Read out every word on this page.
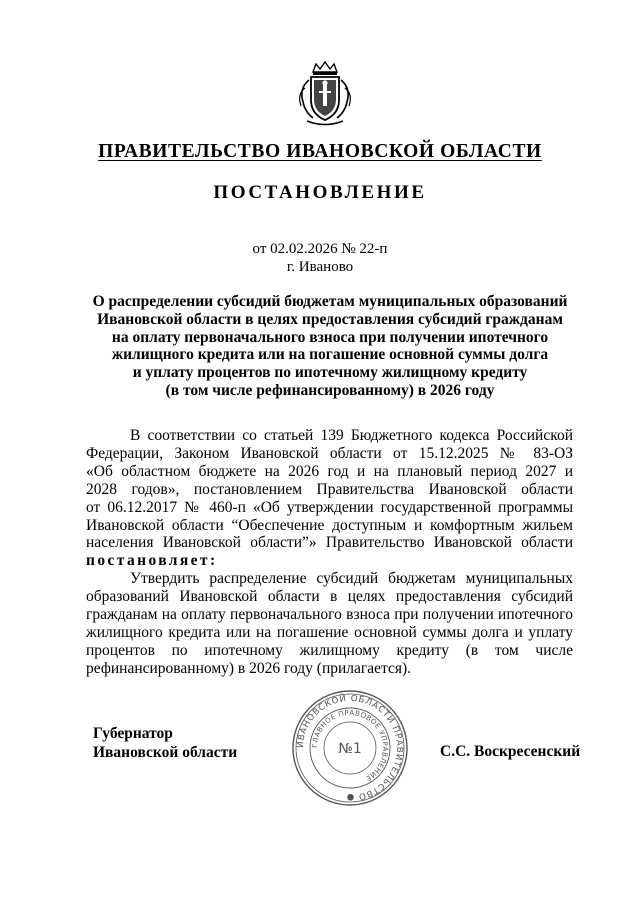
ПРАВИТЕЛЬСТВО ИВАНОВСКОЙ ОБЛАСТИ
ПОСТАНОВЛЕНИЕ
от 02.02.2026 № 22-п
г. Иваново
О распределении субсидий бюджетам муниципальных образований
Ивановской области в целях предоставления субсидий гражданам
на оплату первоначального взноса при получении ипотечного
жилищного кредита или на погашение основной суммы долга
и уплату процентов по ипотечному жилищному кредиту
(в том числе рефинансированному) в 2026 году
В соответствии со статьей 139 Бюджетного кодекса Российской
Федерации, Законом Ивановской области от 15.12.2025 № 83-ОЗ
«Об областном бюджете на 2026 год и на плановый период 2027 и
2028 годов», постановлением Правительства Ивановской области
от 06.12.2017 № 460-п «Об утверждении государственной программы
Ивановской области “Обеспечение доступным и комфортным жильем
населения Ивановской области”» Правительство Ивановской области
постановляет:
Утвердить распределение субсидий бюджетам муниципальных
образований Ивановской области в целях предоставления субсидий
гражданам на оплату первоначального взноса при получении ипотечного
жилищного кредита или на погашение основной суммы долга и уплату
процентов по ипотечному жилищному кредиту (в том числе
рефинансированному) в 2026 году (прилагается).
Губернатор
Ивановской области	ИВАНОВСКОЙ ОБЛАСТИ ПРАВИТЕЛЬСТВО ●
ГЛАВНОЕ ПРАВОВОЕ УПРАВЛЕНИЕ
№1	С.С. Воскресенский
